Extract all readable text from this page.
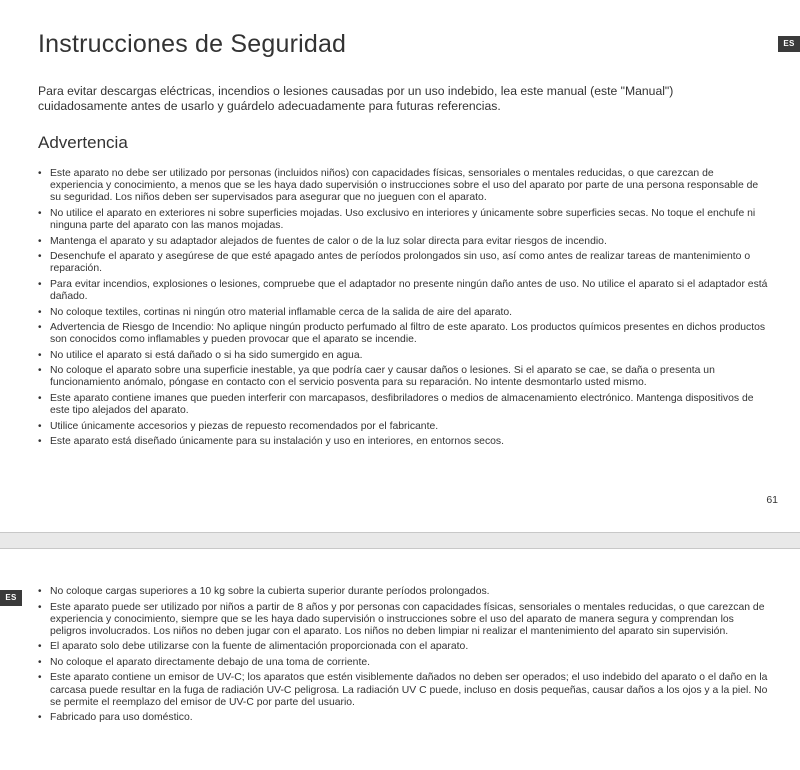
ES
Instrucciones de Seguridad

Para evitar descargas eléctricas, incendios o lesiones causadas por un uso indebido, lea este manual (este "Manual") cuidadosamente antes de usarlo y guárdelo adecuadamente para futuras referencias.

Advertencia
• Este aparato no debe ser utilizado por personas (incluidos niños) con capacidades físicas, sensoriales o mentales reducidas, o que carezcan de experiencia y conocimiento, a menos que se les haya dado supervisión o instrucciones sobre el uso del aparato por parte de una persona responsable de su seguridad. Los niños deben ser supervisados para asegurar que no jueguen con el aparato.
• No utilice el aparato en exteriores ni sobre superficies mojadas. Uso exclusivo en interiores y únicamente sobre superficies secas. No toque el enchufe ni ninguna parte del aparato con las manos mojadas.
• Mantenga el aparato y su adaptador alejados de fuentes de calor o de la luz solar directa para evitar riesgos de incendio.
• Desenchufe el aparato y asegúrese de que esté apagado antes de períodos prolongados sin uso, así como antes de realizar tareas de mantenimiento o reparación.
• Para evitar incendios, explosiones o lesiones, compruebe que el adaptador no presente ningún daño antes de uso. No utilice el aparato si el adaptador está dañado.
• No coloque textiles, cortinas ni ningún otro material inflamable cerca de la salida de aire del aparato.
• Advertencia de Riesgo de Incendio: No aplique ningún producto perfumado al filtro de este aparato. Los productos químicos presentes en dichos productos son conocidos como inflamables y pueden provocar que el aparato se incendie.
• No utilice el aparato si está dañado o si ha sido sumergido en agua.
• No coloque el aparato sobre una superficie inestable, ya que podría caer y causar daños o lesiones. Si el aparato se cae, se daña o presenta un funcionamiento anómalo, póngase en contacto con el servicio posventa para su reparación. No intente desmontarlo usted mismo.
• Este aparato contiene imanes que pueden interferir con marcapasos, desfibriladores o medios de almacenamiento electrónico. Mantenga dispositivos de este tipo alejados del aparato.
• Utilice únicamente accesorios y piezas de repuesto recomendados por el fabricante.
• Este aparato está diseñado únicamente para su instalación y uso en interiores, en entornos secos.
61
ES
• No coloque cargas superiores a 10 kg sobre la cubierta superior durante períodos prolongados.
• Este aparato puede ser utilizado por niños a partir de 8 años y por personas con capacidades físicas, sensoriales o mentales reducidas, o que carezcan de experiencia y conocimiento, siempre que se les haya dado supervisión o instrucciones sobre el uso del aparato de manera segura y comprendan los peligros involucrados. Los niños no deben jugar con el aparato. Los niños no deben limpiar ni realizar el mantenimiento del aparato sin supervisión.
• El aparato solo debe utilizarse con la fuente de alimentación proporcionada con el aparato.
• No coloque el aparato directamente debajo de una toma de corriente.
• Este aparato contiene un emisor de UV-C; los aparatos que estén visiblemente dañados no deben ser operados; el uso indebido del aparato o el daño en la carcasa puede resultar en la fuga de radiación UV-C peligrosa. La radiación UV C puede, incluso en dosis pequeñas, causar daños a los ojos y a la piel. No se permite el reemplazo del emisor de UV-C por parte del usuario.
• Fabricado para uso doméstico.
